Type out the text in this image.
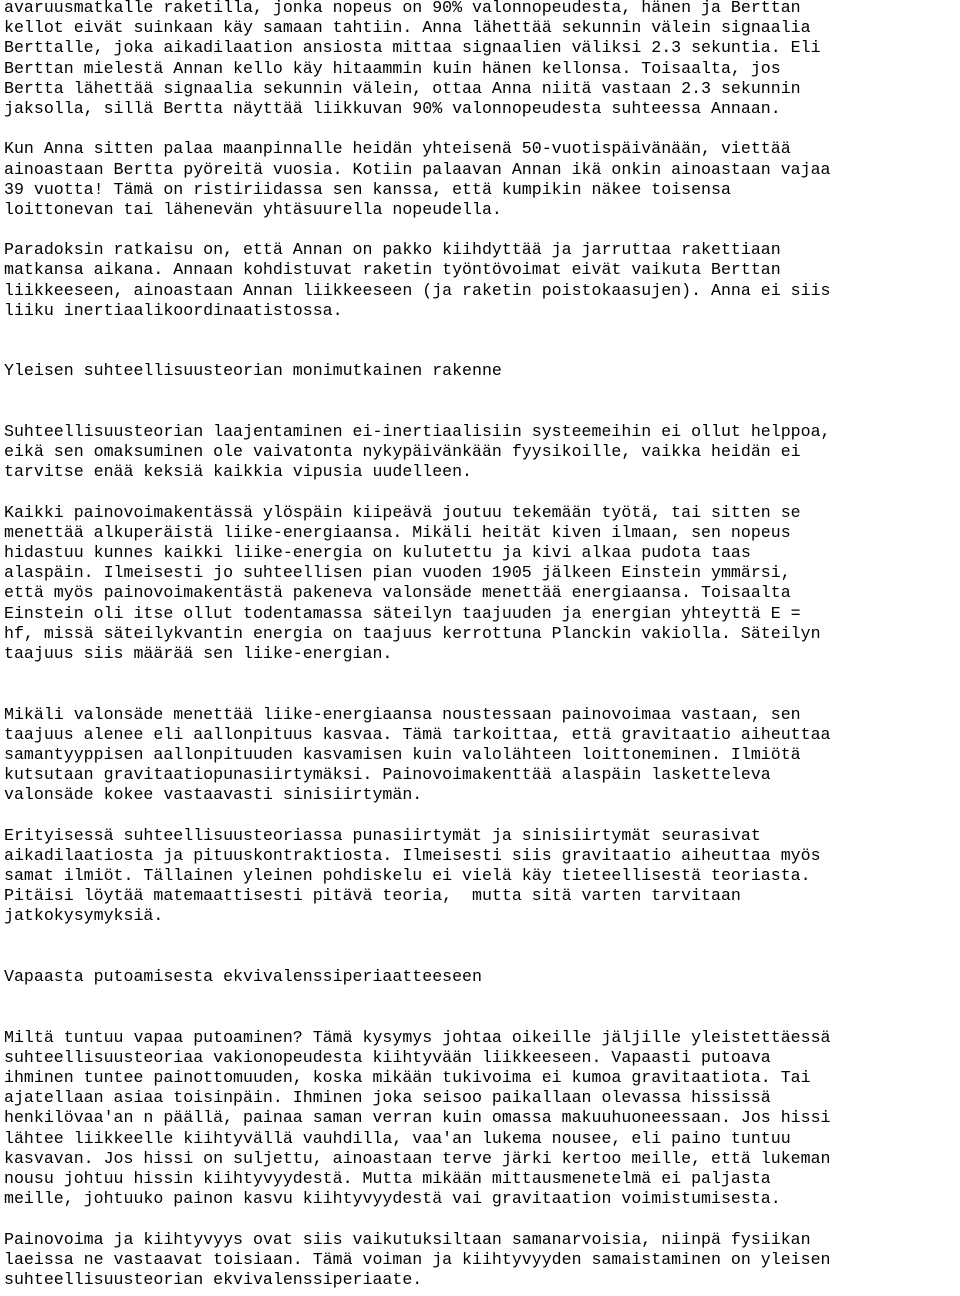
avaruusmatkalle raketilla, jonka nopeus on 90% valonnopeudesta, hänen ja Berttan
kellot eivät suinkaan käy samaan tahtiin. Anna lähettää sekunnin välein signaalia
Berttalle, joka aikadilaation ansiosta mittaa signaalien väliksi 2.3 sekuntia. Eli
Berttan mielestä Annan kello käy hitaammin kuin hänen kellonsa. Toisaalta, jos
Bertta lähettää signaalia sekunnin välein, ottaa Anna niitä vastaan 2.3 sekunnin
jaksolla, sillä Bertta näyttää liikkuvan 90% valonnopeudesta suhteessa Annaan.
Kun Anna sitten palaa maanpinnalle heidän yhteisenä 50-vuotispäivänään, viettää
ainoastaan Bertta pyöreitä vuosia. Kotiin palaavan Annan ikä onkin ainoastaan vajaa
39 vuotta! Tämä on ristiriidassa sen kanssa, että kumpikin näkee toisensa
loittonevan tai lähenevän yhtäsuurella nopeudella.
Paradoksin ratkaisu on, että Annan on pakko kiihdyttää ja jarruttaa rakettiaan
matkansa aikana. Annaan kohdistuvat raketin työntövoimat eivät vaikuta Berttan
liikkeeseen, ainoastaan Annan liikkeeseen (ja raketin poistokaasujen). Anna ei siis
liiku inertiaalikoordinaatistossa.
Yleisen suhteellisuusteorian monimutkainen rakenne
Suhteellisuusteorian laajentaminen ei-inertiaalisiin systeemeihin ei ollut helppoa,
eikä sen omaksuminen ole vaivatonta nykypäivänkään fyysikoille, vaikka heidän ei
tarvitse enää keksiä kaikkia vipusia uudelleen.
Kaikki painovoimakentässä ylöspäin kiipeävä joutuu tekemään työtä, tai sitten se
menettää alkuperäistä liike-energiaansa. Mikäli heität kiven ilmaan, sen nopeus
hidastuu kunnes kaikki liike-energia on kulutettu ja kivi alkaa pudota taas
alaspäin. Ilmeisesti jo suhteellisen pian vuoden 1905 jälkeen Einstein ymmärsi,
että myös painovoimakentästä pakeneva valonsäde menettää energiaansa. Toisaalta
Einstein oli itse ollut todentamassa säteilyn taajuuden ja energian yhteyttä E =
hf, missä säteilykvantin energia on taajuus kerrottuna Planckin vakiolla. Säteilyn
taajuus siis määrää sen liike-energian.
Mikäli valonsäde menettää liike-energiaansa noustessaan painovoimaa vastaan, sen
taajuus alenee eli aallonpituus kasvaa. Tämä tarkoittaa, että gravitaatio aiheuttaa
samantyyppisen aallonpituuden kasvamisen kuin valolähteen loittoneminen. Ilmiötä
kutsutaan gravitaatiopunasiirtymäksi. Painovoimakenttää alaspäin lasketteleva
valonsäde kokee vastaavasti sinisiirtymän.
Erityisessä suhteellisuusteoriassa punasiirtymät ja sinisiirtymät seurasivat
aikadilaatiosta ja pituuskontraktiosta. Ilmeisesti siis gravitaatio aiheuttaa myös
samat ilmiöt. Tällainen yleinen pohdiskelu ei vielä käy tieteellisestä teoriasta.
Pitäisi löytää matemaattisesti pitävä teoria,  mutta sitä varten tarvitaan
jatkokysymyksiä.
Vapaasta putoamisesta ekvivalenssiperiaatteeseen
Miltä tuntuu vapaa putoaminen? Tämä kysymys johtaa oikeille jäljille yleistettäessä
suhteellisuusteoriaa vakionopeudesta kiihtyvään liikkeeseen. Vapaasti putoava
ihminen tuntee painottomuuden, koska mikään tukivoima ei kumoa gravitaatiota. Tai
ajatellaan asiaa toisinpäin. Ihminen joka seisoo paikallaan olevassa hississä
henkilövaa'an n päällä, painaa saman verran kuin omassa makuuhuoneessaan. Jos hissi
lähtee liikkeelle kiihtyvällä vauhdilla, vaa'an lukema nousee, eli paino tuntuu
kasvavan. Jos hissi on suljettu, ainoastaan terve järki kertoo meille, että lukeman
nousu johtuu hissin kiihtyvyydestä. Mutta mikään mittausmenetelmä ei paljasta
meille, johtuuko painon kasvu kiihtyvyydestä vai gravitaation voimistumisesta.
Painovoima ja kiihtyvyys ovat siis vaikutuksiltaan samanarvoisia, niinpä fysiikan
laeissa ne vastaavat toisiaan. Tämä voiman ja kiihtyvyyden samaistaminen on yleisen
suhteellisuusteorian ekvivalenssiperiaate.
